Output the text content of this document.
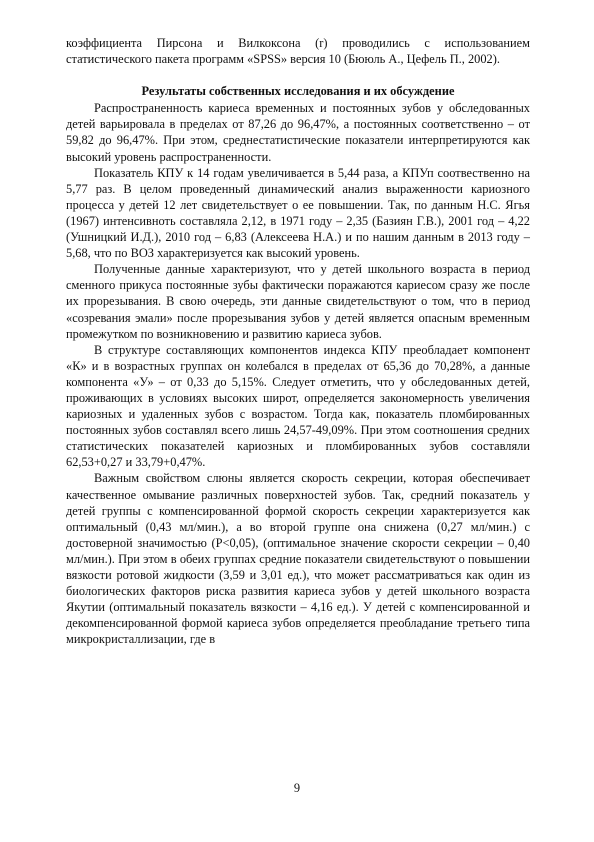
коэффициента Пирсона и Вилкоксона (r) проводились с использованием статистического пакета программ «SPSS» версия 10 (Бююль А., Цефель П., 2002).

Результаты собственных исследования и их обсуждение

Распространенность кариеса временных и постоянных зубов у обследованных детей варьировала в пределах от 87,26 до 96,47%, а постоянных соответственно – от 59,82 до 96,47%. При этом, среднестатистические показатели интерпретируются как высокий уровень распространенности.

Показатель КПУ к 14 годам увеличивается в 5,44 раза, а КПУп соотвественно на 5,77 раз. В целом проведенный динамический анализ выраженности кариозного процесса у детей 12 лет свидетельствует о ее повышении. Так, по данным Н.С. Ягья (1967) интенсивноть составляла 2,12, в 1971 году – 2,35 (Базиян Г.В.), 2001 год – 4,22 (Ушницкий И.Д.), 2010 год – 6,83 (Алексеева Н.А.) и по нашим данным в 2013 году – 5,68, что по ВОЗ характеризуется как высокий уровень.

Полученные данные характеризуют, что у детей школьного возраста в период сменного прикуса постоянные зубы фактически поражаются кариесом сразу же после их прорезывания. В свою очередь, эти данные свидетельствуют о том, что в период «созревания эмали» после прорезывания зубов у детей является опасным временным промежутком по возникновению и развитию кариеса зубов.

В структуре составляющих компонентов индекса КПУ преобладает компонент «К» и в возрастных группах он колебался в пределах от 65,36 до 70,28%, а данные компонента «У» – от 0,33 до 5,15%. Следует отметить, что у обследованных детей, проживающих в условиях высоких широт, определяется закономерность увеличения кариозных и удаленных зубов с возрастом. Тогда как, показатель пломбированных постоянных зубов составлял всего лишь 24,57-49,09%. При этом соотношения средних статистических показателей кариозных и пломбированных зубов составляли 62,53+0,27 и 33,79+0,47%.

Важным свойством слюны является скорость секреции, которая обеспечивает качественное омывание различных поверхностей зубов. Так, средний показатель у детей группы с компенсированной формой скорость секреции характеризуется как оптимальный (0,43 мл/мин.), а во второй группе она снижена (0,27 мл/мин.) с достоверной значимостью (P<0,05), (оптимальное значение скорости секреции – 0,40 мл/мин.). При этом в обеих группах средние показатели свидетельствуют о повышении вязкости ротовой жидкости (3,59 и 3,01 ед.), что может рассматриваться как один из биологических факторов риска развития кариеса зубов у детей школьного возраста Якутии (оптимальный показатель вязкости – 4,16 ед.). У детей с компенсированной и декомпенсированной формой кариеса зубов определяется преобладание третьего типа микрокристаллизации, где в

9
